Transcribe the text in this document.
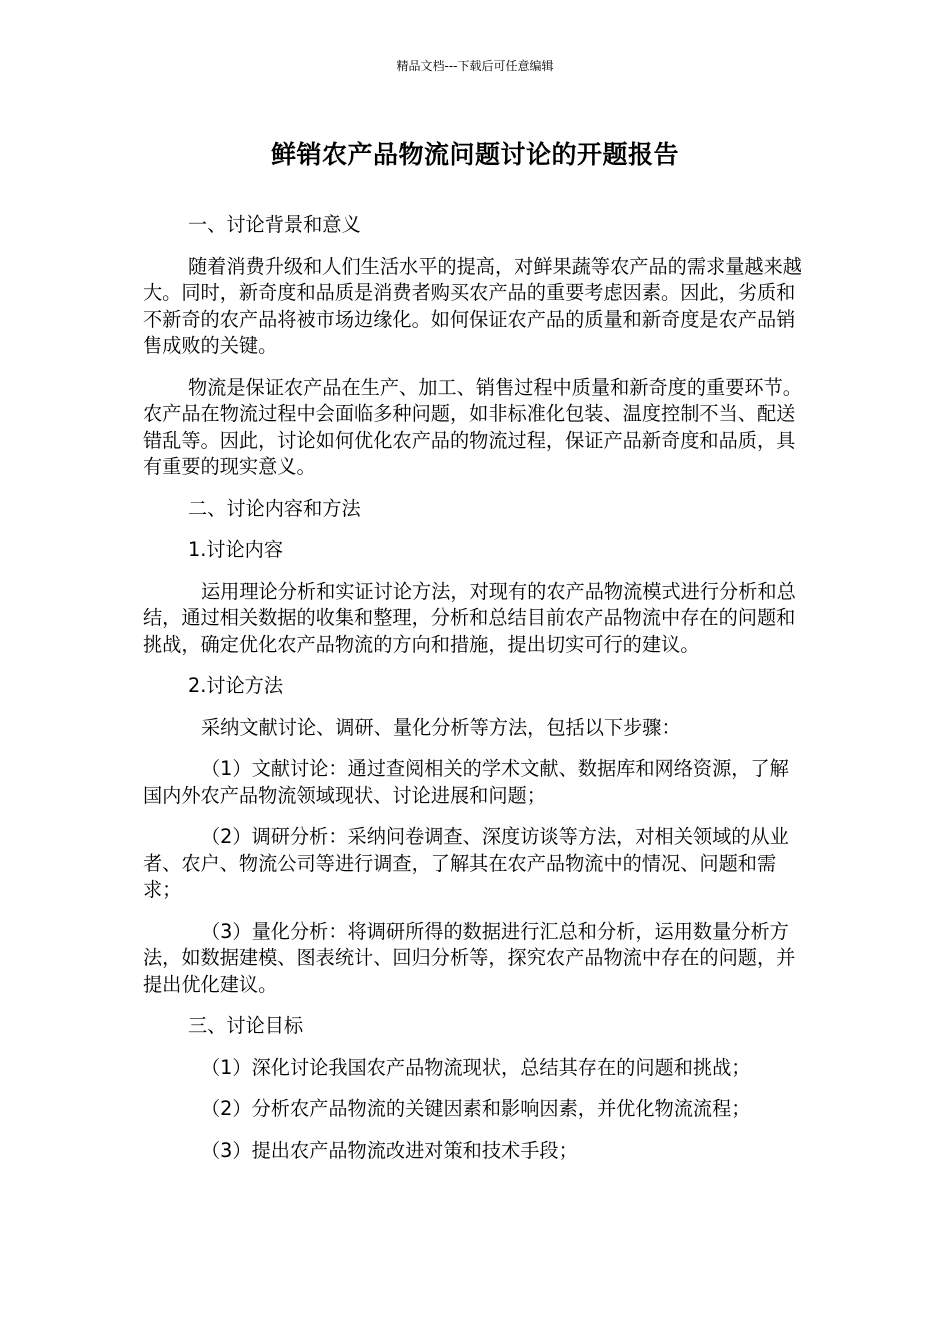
精品文档---下载后可任意编辑
鲜销农产品物流问题讨论的开题报告

一、讨论背景和意义

随着消费升级和人们生活水平的提高，对鲜果蔬等农产品的需求量越来越大。同时，新奇度和品质是消费者购买农产品的重要考虑因素。因此，劣质和不新奇的农产品将被市场边缘化。如何保证农产品的质量和新奇度是农产品销售成败的关键。

物流是保证农产品在生产、加工、销售过程中质量和新奇度的重要环节。农产品在物流过程中会面临多种问题，如非标准化包装、温度控制不当、配送错乱等。因此，讨论如何优化农产品的物流过程，保证产品新奇度和品质，具有重要的现实意义。

二、讨论内容和方法

1.讨论内容

运用理论分析和实证讨论方法，对现有的农产品物流模式进行分析和总结，通过相关数据的收集和整理，分析和总结目前农产品物流中存在的问题和挑战，确定优化农产品物流的方向和措施，提出切实可行的建议。

2.讨论方法

采纳文献讨论、调研、量化分析等方法，包括以下步骤：

（1）文献讨论：通过查阅相关的学术文献、数据库和网络资源，了解国内外农产品物流领域现状、讨论进展和问题；

（2）调研分析：采纳问卷调查、深度访谈等方法，对相关领域的从业者、农户、物流公司等进行调查，了解其在农产品物流中的情况、问题和需求；

（3）量化分析：将调研所得的数据进行汇总和分析，运用数量分析方法，如数据建模、图表统计、回归分析等，探究农产品物流中存在的问题，并提出优化建议。

三、讨论目标

（1）深化讨论我国农产品物流现状，总结其存在的问题和挑战；

（2）分析农产品物流的关键因素和影响因素，并优化物流流程；

（3）提出农产品物流改进对策和技术手段；
